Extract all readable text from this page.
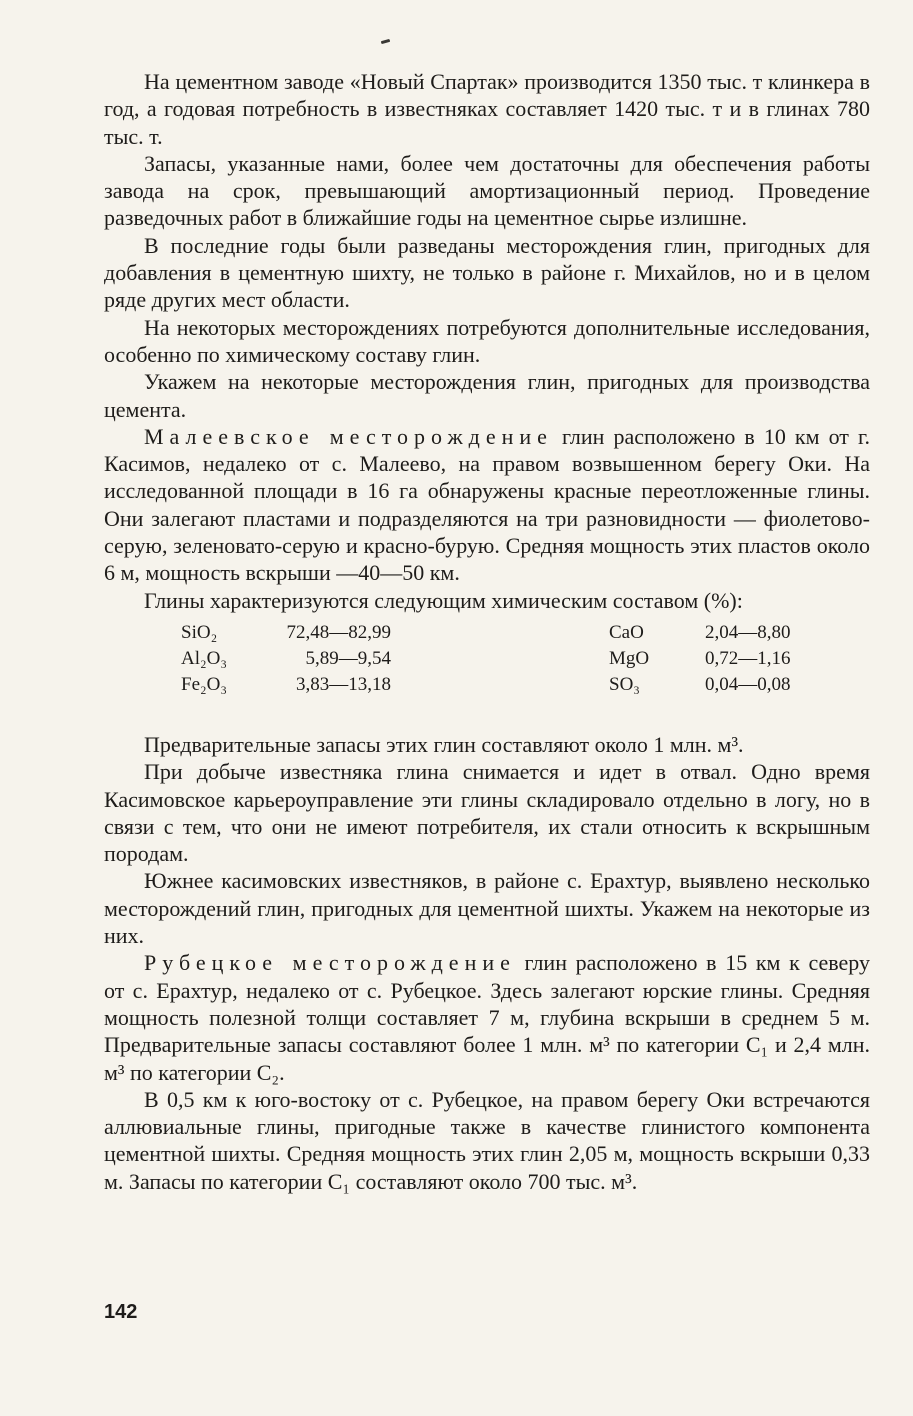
На цементном заводе «Новый Спартак» производится 1350 тыс. т клинкера в год, а годовая потребность в известняках составляет 1420 тыс. т и в глинах 780 тыс. т.

Запасы, указанные нами, более чем достаточны для обеспечения работы завода на срок, превышающий амортизационный период. Проведение разведочных работ в ближайшие годы на цементное сырье излишне.

В последние годы были разведаны месторождения глин, пригодных для добавления в цементную шихту, не только в районе г. Михайлов, но и в целом ряде других мест области.

На некоторых месторождениях потребуются дополнительные исследования, особенно по химическому составу глин.

Укажем на некоторые месторождения глин, пригодных для производства цемента.

Малеевское месторождение глин расположено в 10 км от г. Касимов, недалеко от с. Малеево, на правом возвышенном берегу Оки. На исследованной площади в 16 га обнаружены красные переотложенные глины. Они залегают пластами и подразделяются на три разновидности — фиолетово-серую, зеленовато-серую и красно-бурую. Средняя мощность этих пластов около 6 м, мощность вскрыши —40—50 км.

Глины характеризуются следующим химическим составом (%):

SiO₂	72,48—82,99	CaO	2,04—8,80
Al₂O₃	5,89—9,54	MgO	0,72—1,16
Fe₂O₃	3,83—13,18	SO₃	0,04—0,08

Предварительные запасы этих глин составляют около 1 млн. м³.

При добыче известняка глина снимается и идет в отвал. Одно время Касимовское карьероуправление эти глины складировало отдельно в логу, но в связи с тем, что они не имеют потребителя, их стали относить к вскрышным породам.

Южнее касимовских известняков, в районе с. Ерахтур, выявлено несколько месторождений глин, пригодных для цементной шихты. Укажем на некоторые из них.

Рубецкое месторождение глин расположено в 15 км к северу от с. Ерахтур, недалеко от с. Рубецкое. Здесь залегают юрские глины. Средняя мощность полезной толщи составляет 7 м, глубина вскрыши в среднем 5 м. Предварительные запасы составляют более 1 млн. м³ по категории C₁ и 2,4 млн. м³ по категории C₂.

В 0,5 км к юго-востоку от с. Рубецкое, на правом берегу Оки встречаются аллювиальные глины, пригодные также в качестве глинистого компонента цементной шихты. Средняя мощность этих глин 2,05 м, мощность вскрыши 0,33 м. Запасы по категории C₁ составляют около 700 тыс. м³.

142
